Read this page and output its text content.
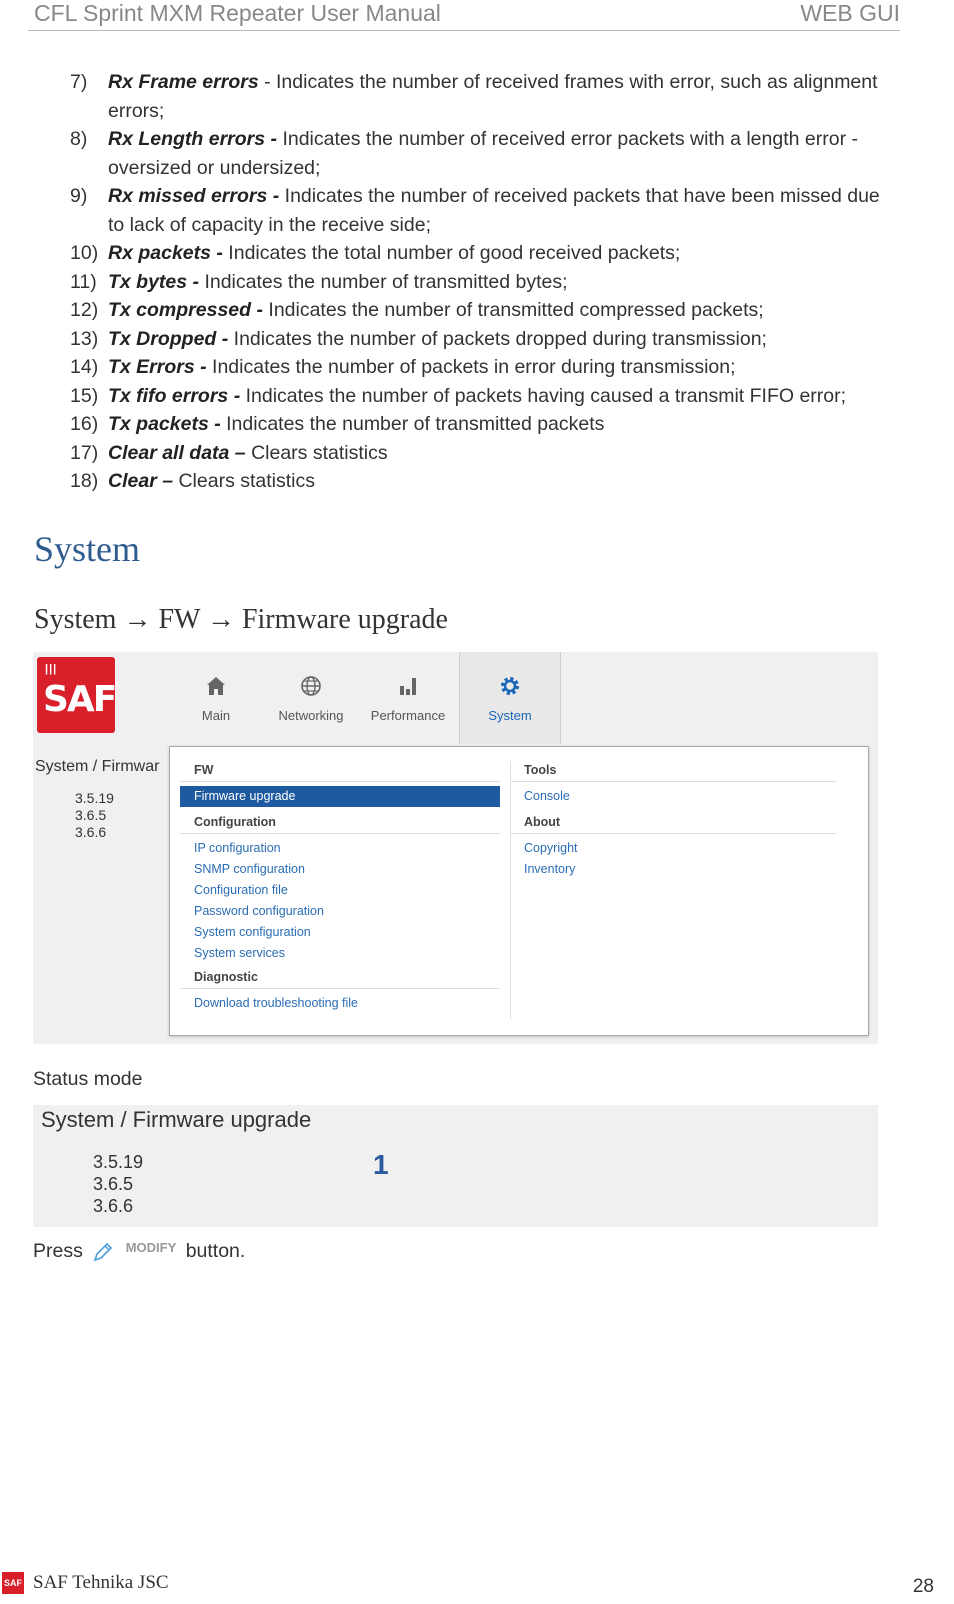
CFL Sprint MXM Repeater User Manual	WEB GUI
7) Rx Frame errors - Indicates the number of received frames with error, such as alignment errors;
8) Rx Length errors - Indicates the number of received error packets with a length error - oversized or undersized;
9) Rx missed errors - Indicates the number of received packets that have been missed due to lack of capacity in the receive side;
10) Rx packets - Indicates the total number of good received packets;
11) Tx bytes - Indicates the number of transmitted bytes;
12) Tx compressed - Indicates the number of transmitted compressed packets;
13) Tx Dropped - Indicates the number of packets dropped during transmission;
14) Tx Errors - Indicates the number of packets in error during transmission;
15) Tx fifo errors - Indicates the number of packets having caused a transmit FIFO error;
16) Tx packets - Indicates the number of transmitted packets
17) Clear all data – Clears statistics
18) Clear – Clears statistics
System
System → FW → Firmware upgrade
|||
SAF	Main	Networking	Performance	System
System / Firmwar
3.5.19
3.6.5
3.6.6
FW
Firmware upgrade
Configuration
IP configuration
SNMP configuration
Configuration file
Password configuration
System configuration
System services
Diagnostic
Download troubleshooting file
Tools
Console
About
Copyright
Inventory
Status mode
System / Firmware upgrade
3.5.19
3.6.5
3.6.6
1
Press	MODIFY button.
SAF SAF Tehnika JSC	28
